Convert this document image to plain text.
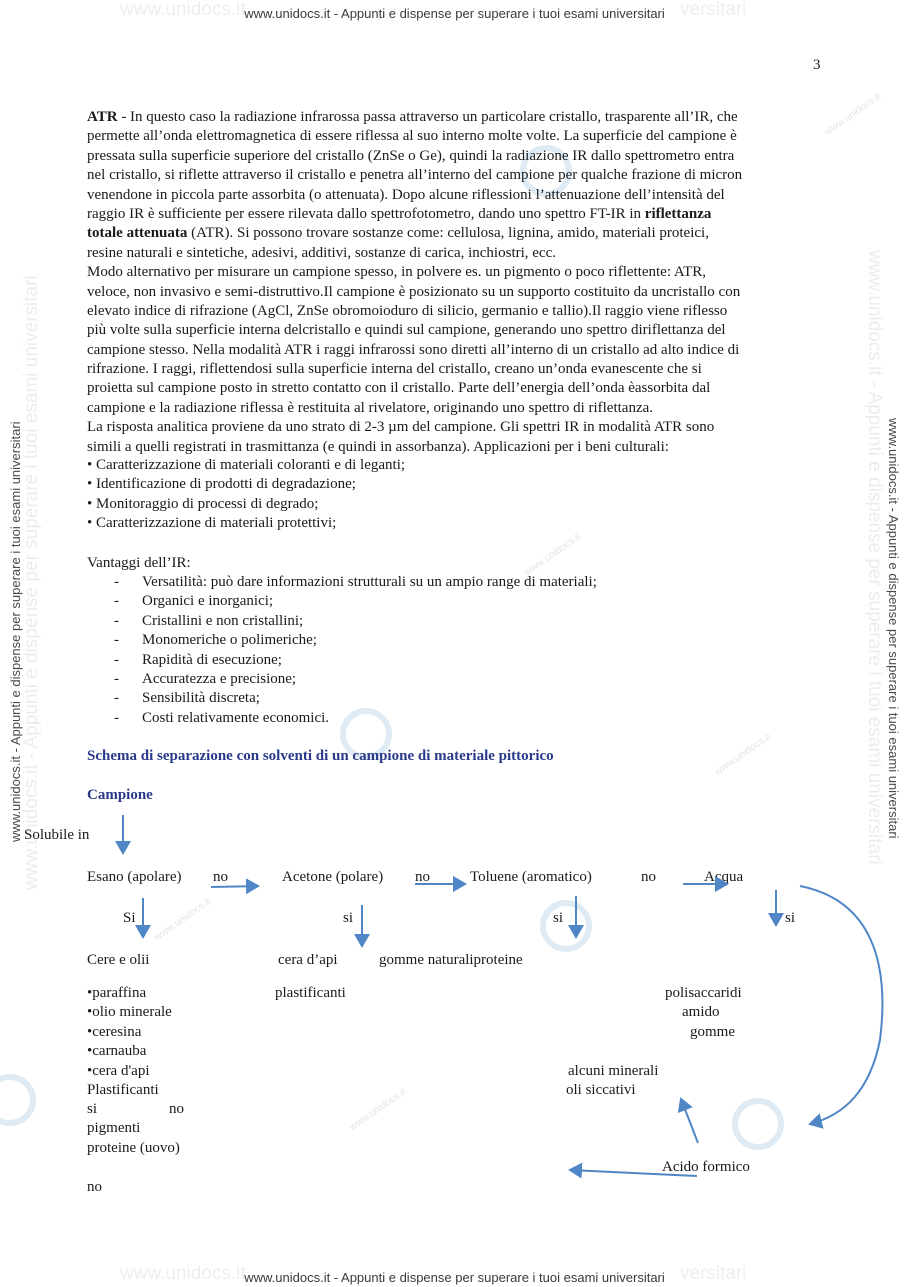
www.unidocs.it	versitari
www.unidocs.it - Appunti e dispense per superare i tuoi esami universitari
www.unidocs.it	versitari
www.unidocs.it - Appunti e dispense per superare i tuoi esami universitari
www.unidocs.it - Appunti e dispense per superare i tuoi esami universitari
www.unidocs.it - Appunti e dispense per superare i tuoi esami universitari	www.unidocs.it - Appunti e dispense per superare i tuoi esami universitari
www.unidocs.it - Appunti e dispense per superare i tuoi esami universitari
www.unidocs.it
www.unidocs.it
www.unidocs.it
www.unidocs.it
www.unidocs.it
3
ATR - In questo caso la radiazione infrarossa passa attraverso un particolare cristallo, trasparente all’IR, che
permette all’onda elettromagnetica di essere riflessa al suo interno molte volte. La superficie del campione è
pressata sulla superficie superiore del cristallo (ZnSe o Ge), quindi la radiazione IR dallo spettrometro entra
nel cristallo, si riflette attraverso il cristallo e penetra all’interno del campione per qualche frazione di micron
venendone in piccola parte assorbita (o attenuata). Dopo alcune riflessioni l’attenuazione dell’intensità del
raggio IR è sufficiente per essere rilevata dallo spettrofotometro, dando uno spettro FT-IR in riflettanza
totale attenuata (ATR). Si possono trovare sostanze come: cellulosa, lignina, amido, materiali proteici,
resine naturali e sintetiche, adesivi, additivi, sostanze di carica, inchiostri, ecc.
Modo alternativo per misurare un campione spesso, in polvere es. un pigmento o poco riflettente: ATR,
veloce, non invasivo e semi-distruttivo.Il campione è posizionato su un supporto costituito da uncristallo con
elevato indice di rifrazione (AgCl, ZnSe obromoioduro di silicio, germanio e tallio).Il raggio viene riflesso
più volte sulla superficie interna delcristallo e quindi sul campione, generando uno spettro diriflettanza del
campione stesso. Nella modalità ATR i raggi infrarossi sono diretti all’interno di un cristallo ad alto indice di
rifrazione. I raggi, riflettendosi sulla superficie interna del cristallo, creano un’onda evanescente che si
proietta sul campione posto in stretto contatto con il cristallo. Parte dell’energia dell’onda èassorbita dal
campione e la radiazione riflessa è restituita al rivelatore, originando uno spettro di riflettanza.
La risposta analitica proviene da uno strato di 2-3 µm del campione. Gli spettri IR in modalità ATR sono
simili a quelli registrati in trasmittanza (e quindi in assorbanza). Applicazioni per i beni culturali:
• Caratterizzazione di materiali coloranti e di leganti;
• Identificazione di prodotti di degradazione;
• Monitoraggio di processi di degrado;
• Caratterizzazione di materiali protettivi;
Vantaggi dell’IR:
- Versatilità: può dare informazioni strutturali su un ampio range di materiali;
- Organici e inorganici;
- Cristallini e non cristallini;
- Monomeriche o polimeriche;
- Rapidità di esecuzione;
- Accuratezza e precisione;
- Sensibilità discreta;
- Costi relativamente economici.
Schema di separazione con solventi di un campione di materiale pittorico
Campione
Solubile in
Esano (apolare) no	Acetone (polare) no	Toluene (aromatico)	no	Acqua
Si	si	si	si
Cere e olii	cera d’api	gomme naturaliproteine
•paraffina
•olio minerale
•ceresina
•carnauba
•cera d'api
Plastificanti
si	no
pigmenti
proteine (uovo)
no
plastificanti	polisaccaridi
amido
gomme
alcuni minerali
oli siccativi
Acido formico
